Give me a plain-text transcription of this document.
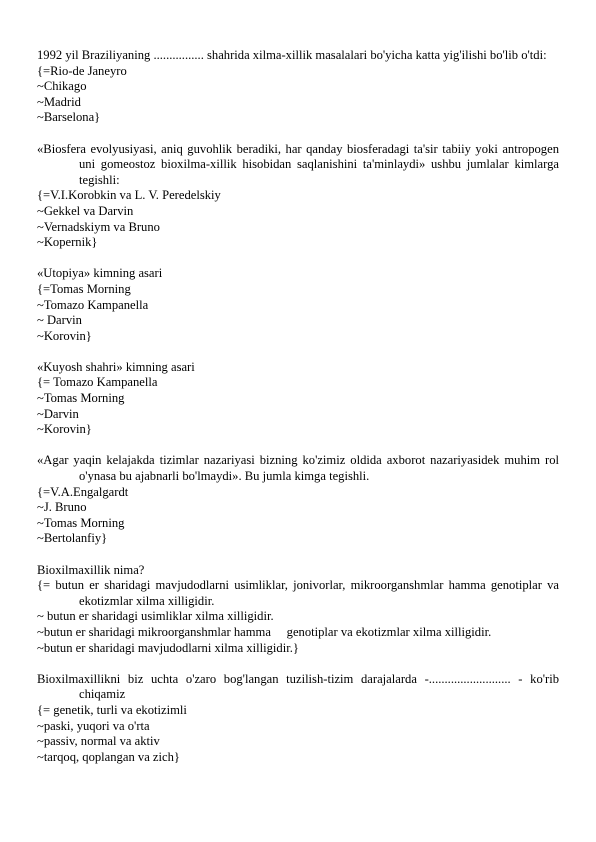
1992 yil Braziliyaning ................ shahrida xilma-xillik masalalari bo'yicha katta yig'ilishi bo'lib o'tdi:

{=Rio-de Janeyro

~Chikago

~Madrid

~Barselona}

«Biosfera evolyusiyasi, aniq guvohlik beradiki, har qanday biosferadagi ta'sir tabiiy yoki antropogen uni gomeostoz bioxilma-xillik hisobidan saqlanishini ta'minlaydi» ushbu jumlalar kimlarga tegishli:

{=V.I.Korobkin va L. V. Peredelskiy

~Gekkel va Darvin

~Vernadskiym va Bruno

~Kopernik}

«Utopiya» kimning asari

{=Tomas Morning

~Tomazo Kampanella

~ Darvin

~Korovin}

«Kuyosh shahri» kimning asari

{= Tomazo Kampanella

~Tomas Morning

~Darvin

~Korovin}

«Agar yaqin kelajakda tizimlar nazariyasi bizning ko'zimiz oldida axborot nazariyasidek muhim rol o'ynasa bu ajabnarli bo'lmaydi». Bu jumla kimga tegishli.

{=V.A.Engalgardt

~J. Bruno

~Tomas Morning

~Bertolanfiy}

Bioxilmaxillik nima?

{= butun er sharidagi mavjudodlarni usimliklar, jonivorlar, mikroorganshmlar hamma genotiplar va ekotizmlar xilma xilligidir.

~ butun er sharidagi usimliklar xilma xilligidir.

~butun er sharidagi mikroorganshmlar hamma     genotiplar va ekotizmlar xilma xilligidir.

~butun er sharidagi mavjudodlarni xilma xilligidir.}

Bioxilmaxillikni biz uchta o'zaro bog'langan tuzilish-tizim darajalarda -.......................... - ko'rib chiqamiz

{= genetik, turli va ekotizimli

~paski, yuqori va o'rta

~passiv, normal va aktiv

~tarqoq, qoplangan va zich}
